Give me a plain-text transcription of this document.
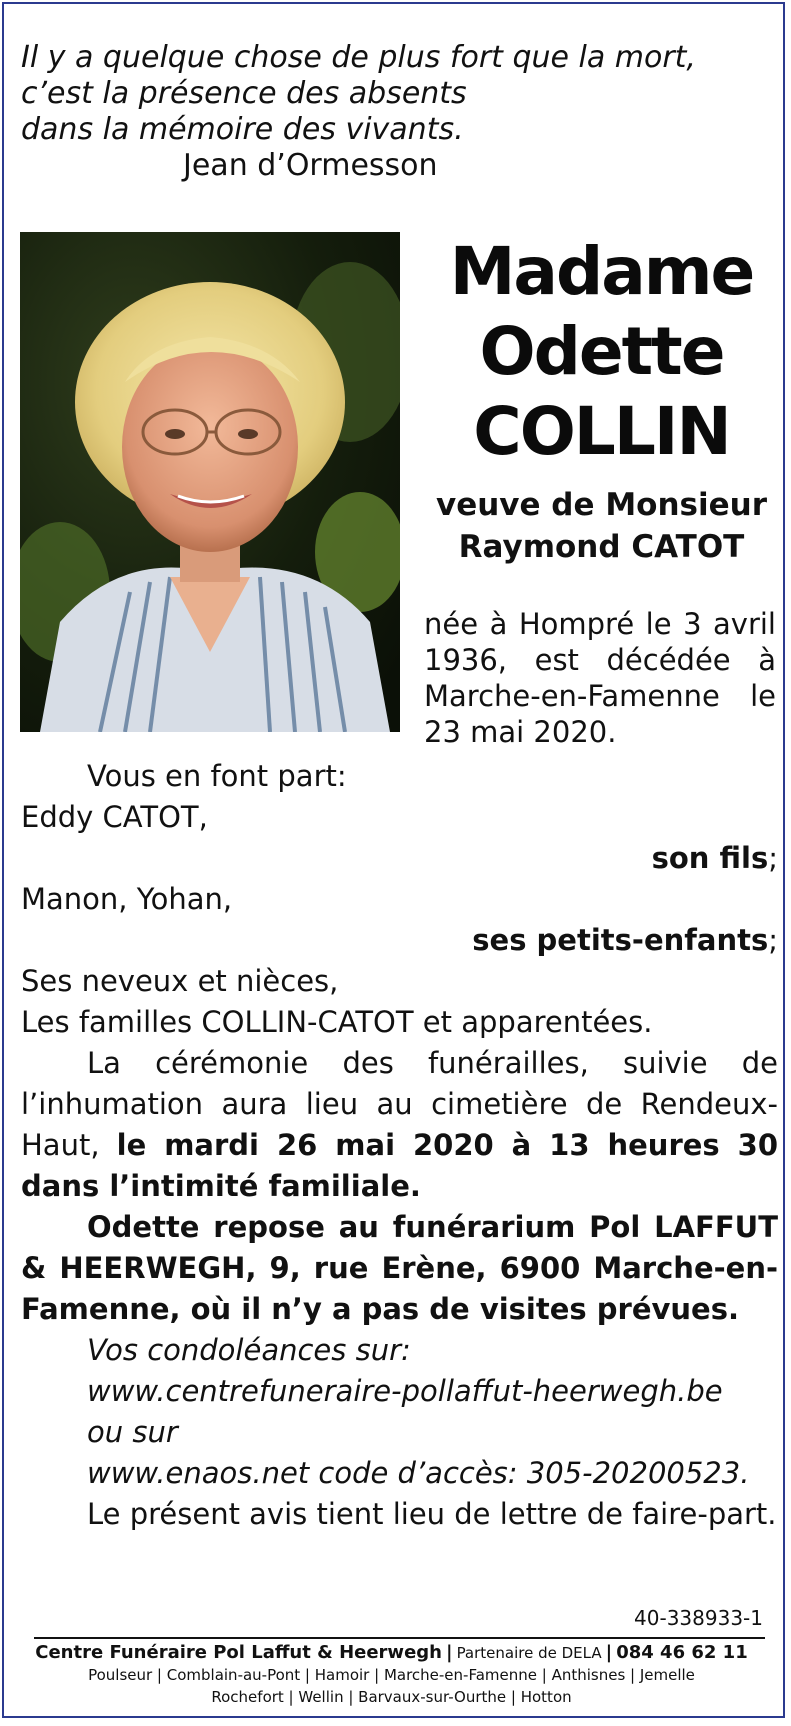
Il y a quelque chose de plus fort que la mort,
c’est la présence des absents
dans la mémoire des vivants.
Jean d’Ormesson
Madame
Odette
COLLIN
veuve de Monsieur
Raymond CATOT
née à Hompré le 3 avril 1936, est décédée à Marche-en-Famenne le 23 mai 2020.

Vous en font part:

Eddy CATOT,

son fils;

Manon, Yohan,

ses petits-enfants;

Ses neveux et nièces,

Les familles COLLIN-CATOT et apparentées.

La cérémonie des funérailles, suivie de l’inhumation aura lieu au cimetière de Rendeux-Haut, le mardi 26 mai 2020 à 13 heures 30 dans l’intimité familiale.

Odette repose au funérarium Pol LAFFUT & HEERWEGH, 9, rue Erène, 6900 Marche-en-Famenne, où il n’y a pas de visites prévues.

Vos condoléances sur:
www.centrefuneraire-pollaffut-heerwegh.be
ou sur
www.enaos.net code d’accès: 305-20200523.

Le présent avis tient lieu de lettre de faire-part.

40-338933-1
Centre Funéraire Pol Laffut & Heerwegh | Partenaire de DELA | 084 46 62 11
Poulseur | Comblain-au-Pont | Hamoir | Marche-en-Famenne | Anthisnes | Jemelle
Rochefort | Wellin | Barvaux-sur-Ourthe | Hotton
